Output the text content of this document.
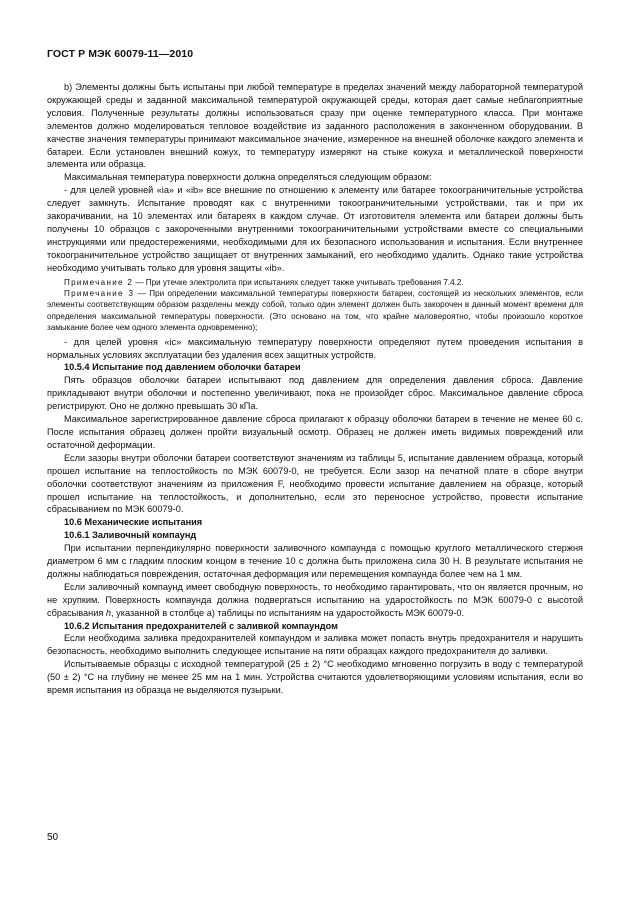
ГОСТ Р МЭК 60079-11—2010

b) Элементы должны быть испытаны при любой температуре в пределах значений между лабораторной температурой окружающей среды и заданной максимальной температурой окружающей среды, которая дает самые неблагоприятные условия. Полученные результаты должны использоваться сразу при оценке температурного класса. При монтаже элементов должно моделироваться тепловое воздействие из заданного расположения в законченном оборудовании. В качестве значения температуры принимают максимальное значение, измеренное на внешней оболочке каждого элемента и батареи. Если установлен внешний кожух, то температуру измеряют на стыке кожуха и металлической поверхности элемента или образца.

Максимальная температура поверхности должна определяться следующим образом:

- для целей уровней «ia» и «ib» все внешние по отношению к элементу или батарее токоограничительные устройства следует замкнуть. Испытание проводят как с внутренними токоограничительными устройствами, так и при их закорачивании, на 10 элементах или батареях в каждом случае. От изготовителя элемента или батареи должны быть получены 10 образцов с закороченными внутренними токоограничительными устройствами вместе со специальными инструкциями или предостережениями, необходимыми для их безопасного использования и испытания. Если внутреннее токоограничительное устройство защищает от внутренних замыканий, его необходимо удалить. Однако такие устройства необходимо учитывать только для уровня защиты «ib».

Примечание 2 — При утечке электролита при испытаниях следует также учитывать требования 7.4.2.

Примечание 3 — При определении максимальной температуры поверхности батареи, состоящей из нескольких элементов, если элементы соответствующим образом разделены между собой, только один элемент должен быть закорочен в данный момент времени для определения максимальной температуры поверхности. (Это основано на том, что крайне маловероятно, чтобы произошло короткое замыкание более чем одного элемента одновременно);

- для целей уровня «ic» максимальную температуру поверхности определяют путем проведения испытания в нормальных условиях эксплуатации без удаления всех защитных устройств.

10.5.4 Испытание под давлением оболочки батареи

Пять образцов оболочки батареи испытывают под давлением для определения давления сброса. Давление прикладывают внутри оболочки и постепенно увеличивают, пока не произойдет сброс. Максимальное давление сброса регистрируют. Оно не должно превышать 30 кПа.

Максимальное зарегистрированное давление сброса прилагают к образцу оболочки батареи в течение не менее 60 с. После испытания образец должен пройти визуальный осмотр. Образец не должен иметь видимых повреждений или остаточной деформации.

Если зазоры внутри оболочки батареи соответствуют значениям из таблицы 5, испытание давлением образца, который прошел испытание на теплостойкость по МЭК 60079-0, не требуется. Если зазор на печатной плате в сборе внутри оболочки соответствуют значениям из приложения F, необходимо провести испытание давлением на образце, который прошел испытание на теплостойкость, и дополнительно, если это переносное устройство, провести испытание сбрасыванием по МЭК 60079-0.

10.6 Механические испытания
10.6.1 Заливочный компаунд

При испытании перпендикулярно поверхности заливочного компаунда с помощью круглого металлического стержня диаметром 6 мм с гладким плоским концом в течение 10 с должна быть приложена сила 30 Н. В результате испытания не должны наблюдаться повреждения, остаточная деформация или перемещения компаунда более чем на 1 мм.

Если заливочный компаунд имеет свободную поверхность, то необходимо гарантировать, что он является прочным, но не хрупким. Поверхность компаунда должна подвергаться испытанию на ударостойкость по МЭК 60079-0 с высотой сбрасывания h, указанной в столбце a) таблицы по испытаниям на ударостойкость МЭК 60079-0.

10.6.2 Испытания предохранителей с заливкой компаундом

Если необходима заливка предохранителей компаундом и заливка может попасть внутрь предохранителя и нарушить безопасность, необходимо выполнить следующее испытание на пяти образцах каждого предохранителя до заливки.

Испытываемые образцы с исходной температурой (25 ± 2) °С необходимо мгновенно погрузить в воду с температурой (50 ± 2) °С на глубину не менее 25 мм на 1 мин. Устройства считаются удовлетворяющими условиям испытания, если во время испытания из образца не выделяются пузырьки.

50
